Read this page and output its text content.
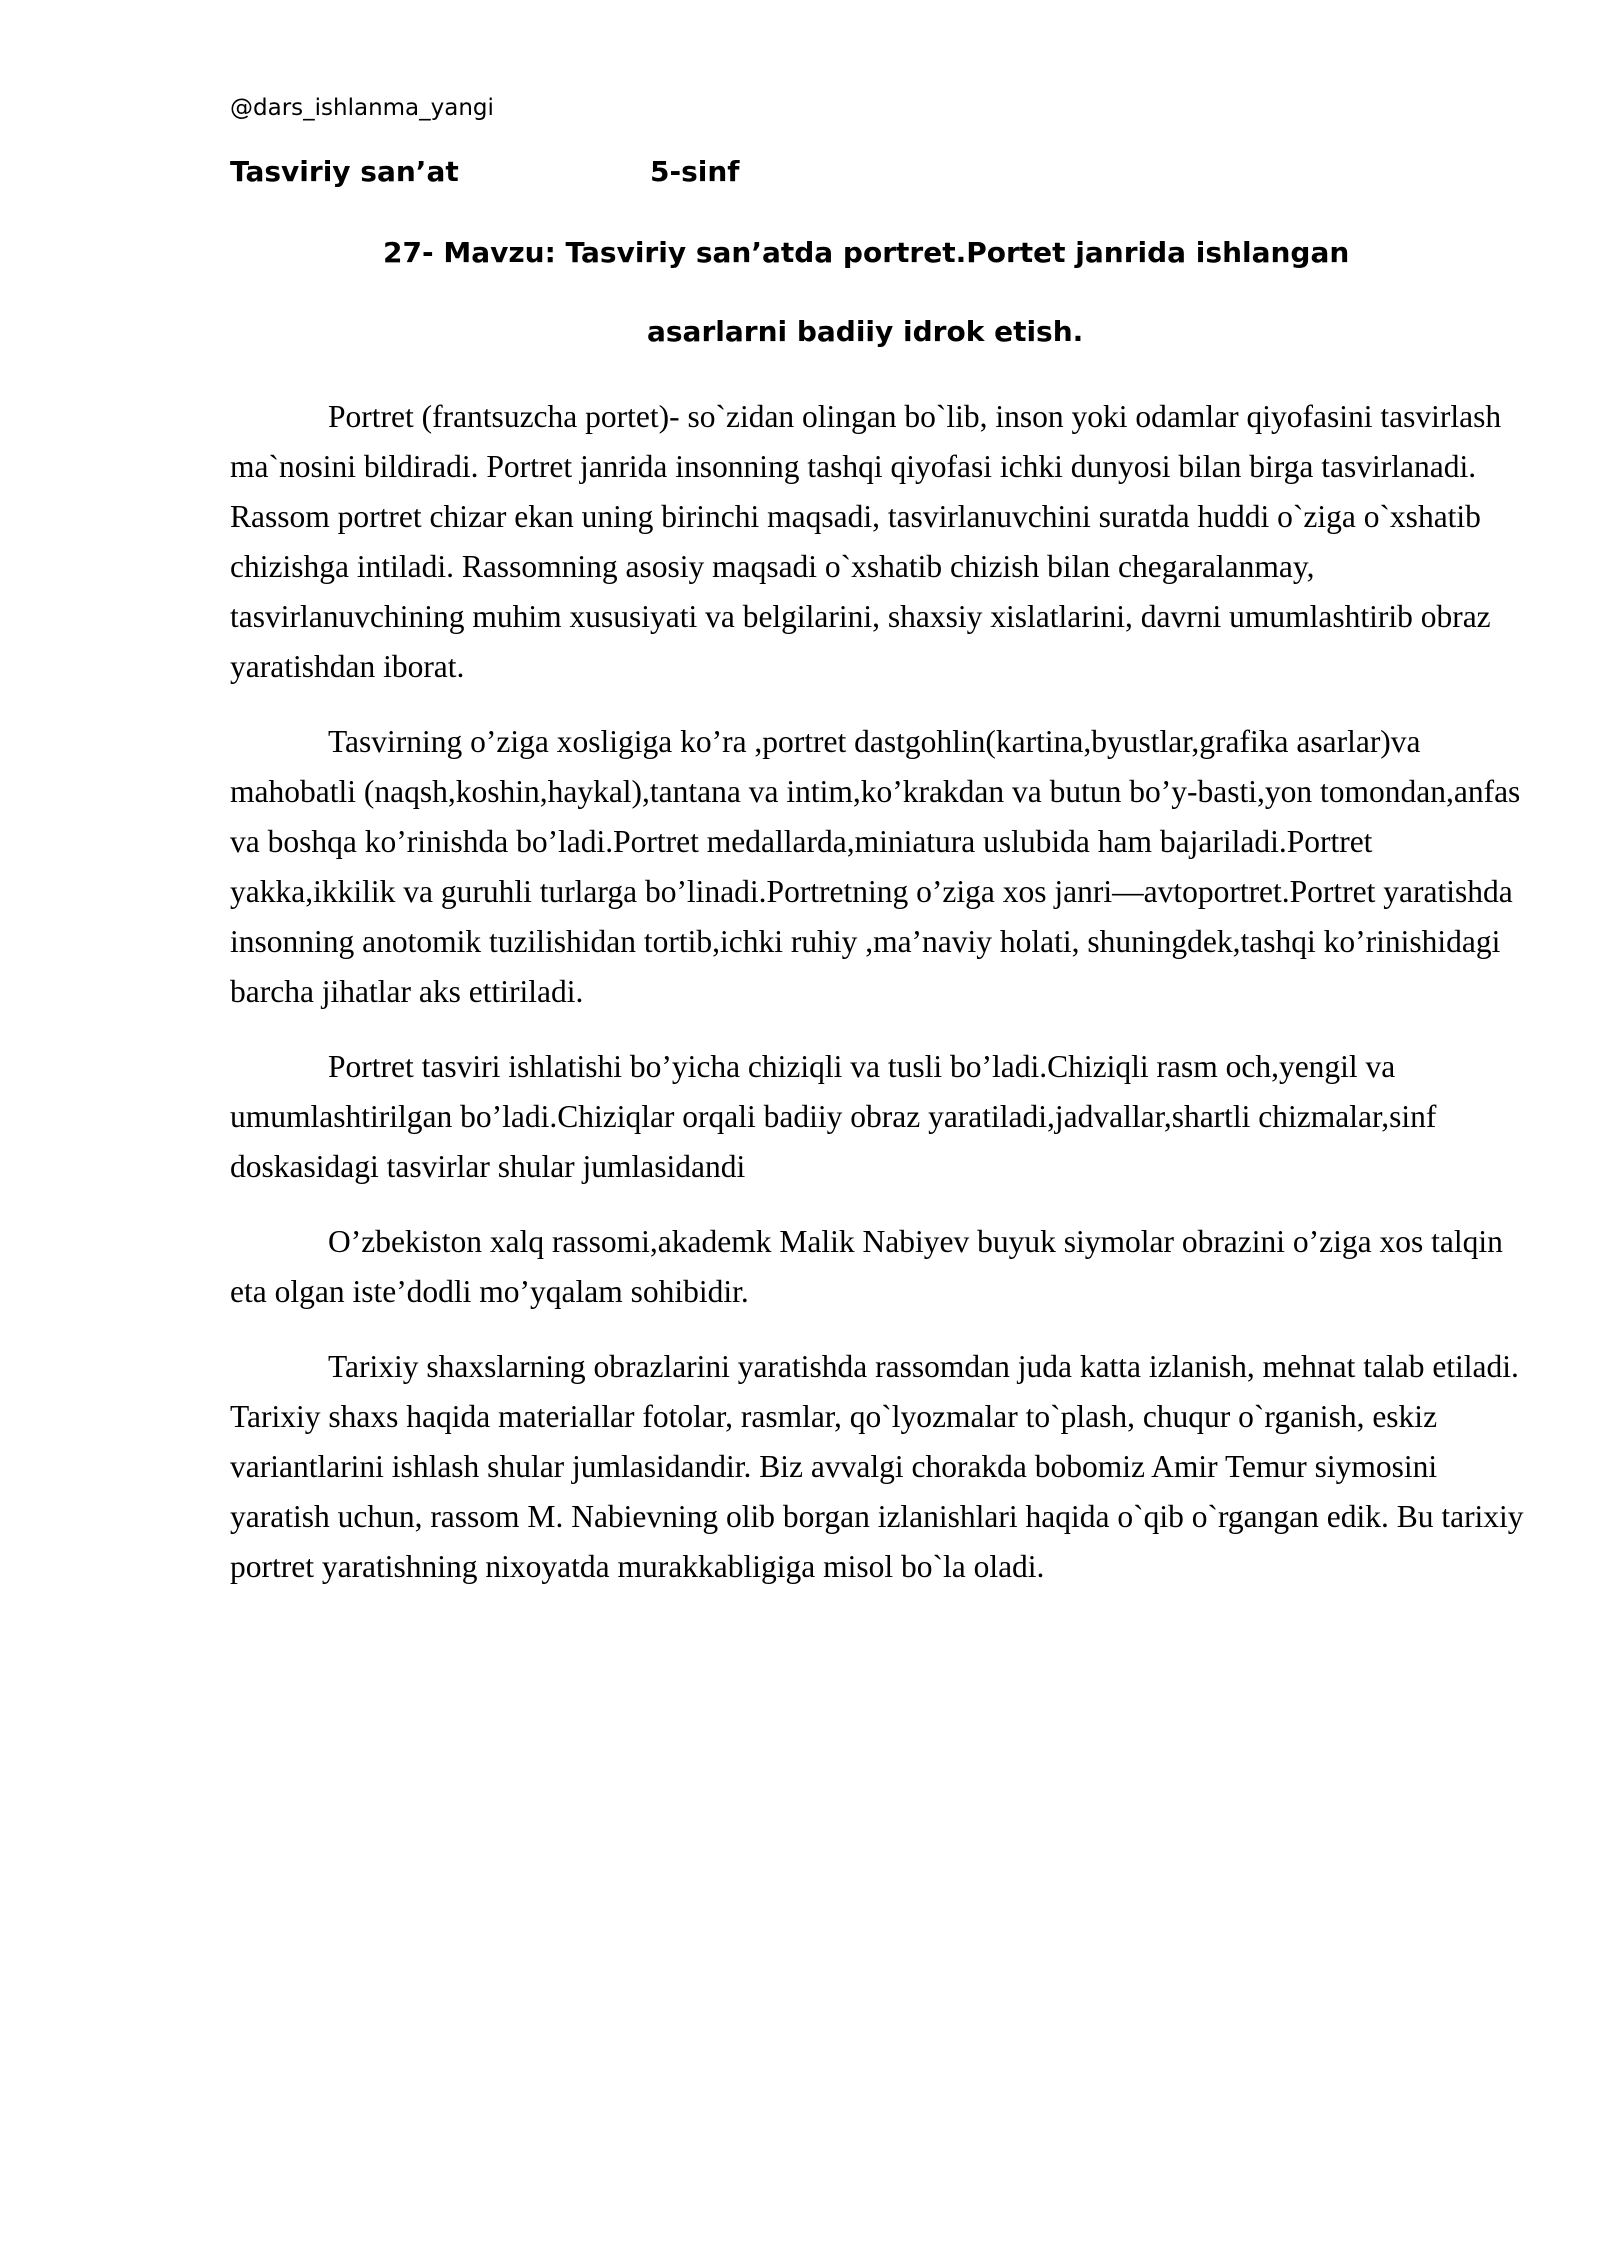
@dars_ishlanma_yangi
Tasviriy san’at	5-sinf
27- Mavzu: Tasviriy san’atda portret.Portet janrida ishlangan
asarlarni badiiy idrok etish.

Portret (frantsuzcha portet)- so`zidan olingan bo`lib, inson yoki odamlar qiyofasini tasvirlash ma`nosini bildiradi. Portret janrida insonning tashqi qiyofasi ichki dunyosi bilan birga tasvirlanadi. Rassom portret chizar ekan uning birinchi maqsadi, tasvirlanuvchini suratda huddi o`ziga o`xshatib chizishga intiladi. Rassomning asosiy maqsadi o`xshatib chizish bilan chegaralanmay, tasvirlanuvchining muhim xususiyati va belgilarini, shaxsiy xislatlarini, davrni umumlashtirib obraz yaratishdan iborat.

Tasvirning o’ziga xosligiga ko’ra ,portret dastgohlin(kartina,byustlar,grafika asarlar)va mahobatli (naqsh,koshin,haykal),tantana va intim,ko’krakdan va butun bo’y-basti,yon tomondan,anfas va boshqa ko’rinishda bo’ladi.Portret medallarda,miniatura uslubida ham bajariladi.Portret yakka,ikkilik va guruhli turlarga bo’linadi.Portretning o’ziga xos janri—avtoportret.Portret yaratishda insonning anotomik tuzilishidan tortib,ichki ruhiy ,ma’naviy holati, shuningdek,tashqi ko’rinishidagi barcha jihatlar aks ettiriladi.

Portret tasviri ishlatishi bo’yicha chiziqli va tusli bo’ladi.Chiziqli rasm och,yengil va umumlashtirilgan bo’ladi.Chiziqlar orqali badiiy obraz yaratiladi,jadvallar,shartli chizmalar,sinf doskasidagi tasvirlar shular jumlasidandi

O’zbekiston xalq rassomi,akademk Malik Nabiyev buyuk siymolar obrazini o’ziga xos talqin eta olgan iste’dodli mo’yqalam sohibidir.

Tarixiy shaxslarning obrazlarini yaratishda rassomdan juda katta izlanish, mehnat talab etiladi. Tarixiy shaxs haqida materiallar fotolar, rasmlar, qo`lyozmalar to`plash, chuqur o`rganish, eskiz variantlarini ishlash shular jumlasidandir. Biz avvalgi chorakda bobomiz Amir Temur siymosini yaratish uchun, rassom M. Nabievning olib borgan izlanishlari haqida o`qib o`rgangan edik. Bu tarixiy portret yaratishning nixoyatda murakkabligiga misol bo`la oladi.
